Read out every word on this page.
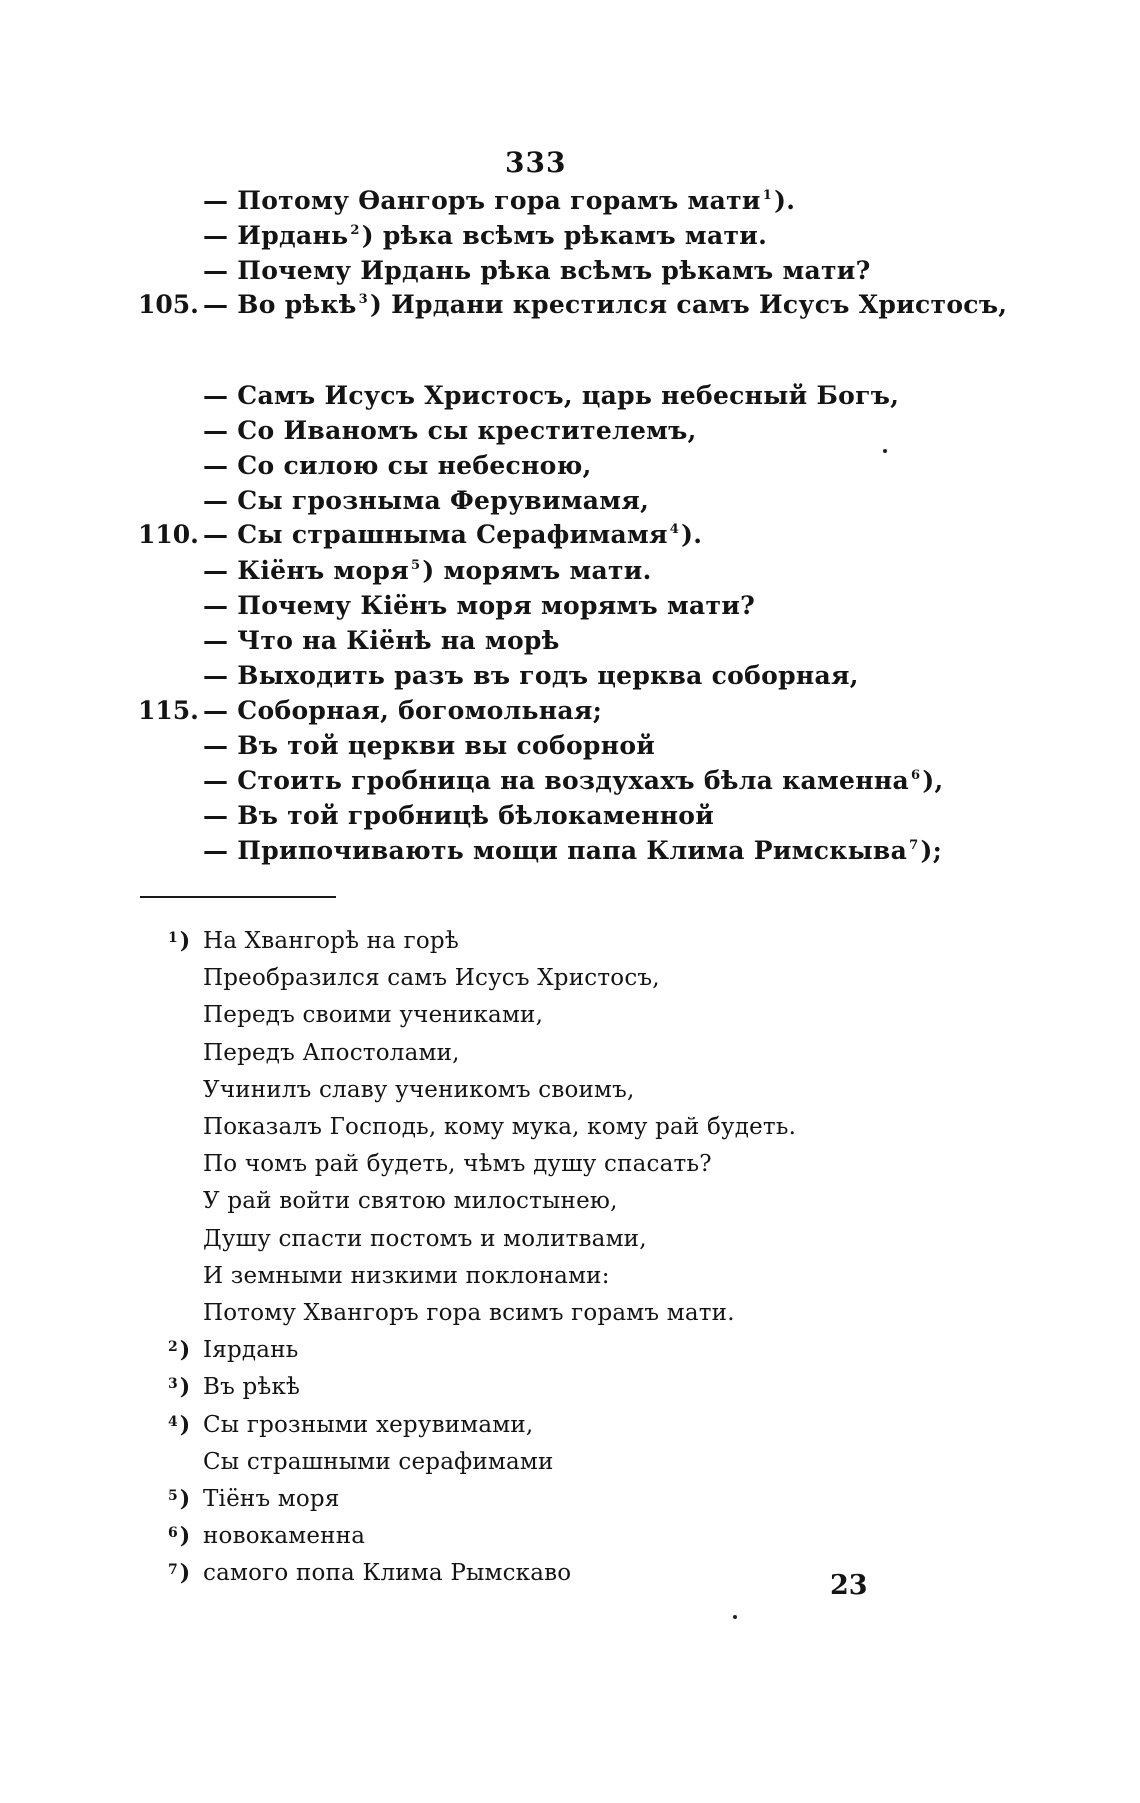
333
— Потому Өангоръ гора горамъ мати $^1$).
— Ирдань $^2$) рѣка всѣмъ рѣкамъ мати.
— Почему Ирдань рѣка всѣмъ рѣкамъ мати?
105. — Во рѣкѣ $^3$) Ирдани крестился самъ Исусъ Христосъ,
— Самъ Исусъ Христосъ, царь небесный Богъ,
— Со Иваномъ сы крестителемъ,
— Со силою сы небесною,
— Сы грозныма Ферувимамя,
110. — Сы страшныма Серафимамя $^4$).
— Кіёнъ моря $^5$) морямъ мати.
— Почему Кіёнъ моря морямъ мати?
— Что на Кіёнѣ на морѣ
— Выходить разъ въ годъ церква соборная,
115. — Соборная, богомольная;
— Въ той церкви вы соборной
— Стоить гробница на воздухахъ бѣла каменна $^6$),
— Въ той гробницѣ бѣлокаменной
— Припочивають мощи папа Клима Римскыва $^7$);
$^1$) На Хвангорѣ на горѣ
Преобразился самъ Исусъ Христосъ,
Передъ своими учениками,
Передъ Апостолами,
Учинилъ славу ученикомъ своимъ,
Показалъ Господь, кому мука, кому рай будеть.
По чомъ рай будеть, чѣмъ душу спасать?
У рай войти святою милостынею,
Душу спасти постомъ и молитвами,
И земными низкими поклонами:
Потому Хвангоръ гора всимъ горамъ мати.
$^2$) Іярдань
$^3$) Въ рѣкѣ
$^4$) Сы грозными херувимами,
Сы страшными серафимами
$^5$) Тіёнъ моря
$^6$) новокаменна
$^7$) самого попа Клима Рымскаво	23
